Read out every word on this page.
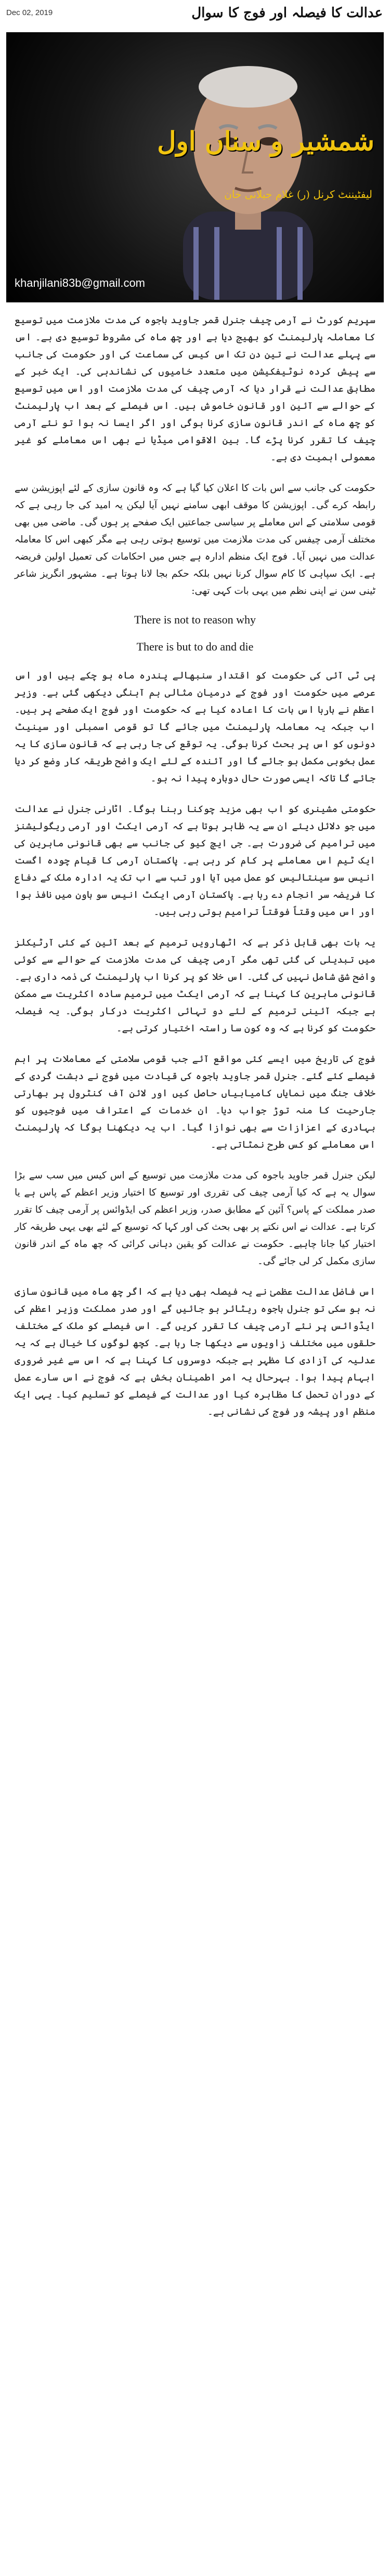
Dec 02, 2019	عدالت کا فیصلہ اور فوج کا سوال
شمشیر و سناں اول
لیفٹیننٹ کرنل (ر) غلام جیلانی خان
khanjilani83b@gmail.com

سپریم کورٹ نے آرمی چیف جنرل قمر جاوید باجوہ کی مدت ملازمت میں توسیع کا معاملہ پارلیمنٹ کو بھیج دیا ہے اور چھ ماہ کی مشروط توسیع دی ہے۔ اس سے پہلے عدالت نے تین دن تک اس کیس کی سماعت کی اور حکومت کی جانب سے پیش کردہ نوٹیفکیشن میں متعدد خامیوں کی نشاندہی کی۔ ایک خبر کے مطابق عدالت نے قرار دیا کہ آرمی چیف کی مدت ملازمت اور اس میں توسیع کے حوالے سے آئین اور قانون خاموش ہیں۔ اس فیصلے کے بعد اب پارلیمنٹ کو چھ ماہ کے اندر قانون سازی کرنا ہوگی اور اگر ایسا نہ ہوا تو نئے آرمی چیف کا تقرر کرنا پڑے گا۔ بین الاقوامی میڈیا نے بھی اس معاملے کو غیر معمولی اہمیت دی ہے۔

حکومت کی جانب سے اس بات کا اعلان کیا گیا ہے کہ وہ قانون سازی کے لئے اپوزیشن سے رابطہ کرے گی۔ اپوزیشن کا موقف ابھی سامنے نہیں آیا لیکن یہ امید کی جا رہی ہے کہ قومی سلامتی کے اس معاملے پر سیاسی جماعتیں ایک صفحے پر ہوں گی۔ ماضی میں بھی مختلف آرمی چیفس کی مدت ملازمت میں توسیع ہوتی رہی ہے مگر کبھی اس کا معاملہ عدالت میں نہیں آیا۔ فوج ایک منظم ادارہ ہے جس میں احکامات کی تعمیل اولین فریضہ ہے۔ ایک سپاہی کا کام سوال کرنا نہیں بلکہ حکم بجا لانا ہوتا ہے۔ مشہور انگریز شاعر ٹینی سن نے اپنی نظم میں یہی بات کہی تھی:

There is not to reason why
There is but to do and die

پی ٹی آئی کی حکومت کو اقتدار سنبھالے پندرہ ماہ ہو چکے ہیں اور اس عرصے میں حکومت اور فوج کے درمیان مثالی ہم آہنگی دیکھی گئی ہے۔ وزیر اعظم نے بارہا اس بات کا اعادہ کیا ہے کہ حکومت اور فوج ایک صفحے پر ہیں۔ اب جبکہ یہ معاملہ پارلیمنٹ میں جائے گا تو قومی اسمبلی اور سینیٹ دونوں کو اس پر بحث کرنا ہوگی۔ یہ توقع کی جا رہی ہے کہ قانون سازی کا یہ عمل بخوبی مکمل ہو جائے گا اور آئندہ کے لئے ایک واضح طریقہ کار وضع کر دیا جائے گا تاکہ ایسی صورت حال دوبارہ پیدا نہ ہو۔

حکومتی مشینری کو اب بھی مزید چوکنا رہنا ہوگا۔ اٹارنی جنرل نے عدالت میں جو دلائل دیئے ان سے یہ ظاہر ہوتا ہے کہ آرمی ایکٹ اور آرمی ریگولیشنز میں ترامیم کی ضرورت ہے۔ جی ایچ کیو کی جانب سے بھی قانونی ماہرین کی ایک ٹیم اس معاملے پر کام کر رہی ہے۔ پاکستان آرمی کا قیام چودہ اگست انیس سو سینتالیس کو عمل میں آیا اور تب سے اب تک یہ ادارہ ملک کے دفاع کا فریضہ سر انجام دے رہا ہے۔ پاکستان آرمی ایکٹ انیس سو باون میں نافذ ہوا اور اس میں وقتاً فوقتاً ترامیم ہوتی رہی ہیں۔

یہ بات بھی قابل ذکر ہے کہ اٹھارویں ترمیم کے بعد آئین کے کئی آرٹیکلز میں تبدیلی کی گئی تھی مگر آرمی چیف کی مدت ملازمت کے حوالے سے کوئی واضح شق شامل نہیں کی گئی۔ اس خلا کو پر کرنا اب پارلیمنٹ کی ذمہ داری ہے۔ قانونی ماہرین کا کہنا ہے کہ آرمی ایکٹ میں ترمیم سادہ اکثریت سے ممکن ہے جبکہ آئینی ترمیم کے لئے دو تہائی اکثریت درکار ہوگی۔ یہ فیصلہ حکومت کو کرنا ہے کہ وہ کون سا راستہ اختیار کرتی ہے۔

فوج کی تاریخ میں ایسے کئی مواقع آئے جب قومی سلامتی کے معاملات پر اہم فیصلے کئے گئے۔ جنرل قمر جاوید باجوہ کی قیادت میں فوج نے دہشت گردی کے خلاف جنگ میں نمایاں کامیابیاں حاصل کیں اور لائن آف کنٹرول پر بھارتی جارحیت کا منہ توڑ جواب دیا۔ ان خدمات کے اعتراف میں فوجیوں کو بہادری کے اعزازات سے بھی نوازا گیا۔ اب یہ دیکھنا ہوگا کہ پارلیمنٹ اس معاملے کو کس طرح نمٹاتی ہے۔

لیکن جنرل قمر جاوید باجوہ کی مدت ملازمت میں توسیع کے اس کیس میں سب سے بڑا سوال یہ ہے کہ کیا آرمی چیف کی تقرری اور توسیع کا اختیار وزیر اعظم کے پاس ہے یا صدر مملکت کے پاس؟ آئین کے مطابق صدر، وزیر اعظم کی ایڈوائس پر آرمی چیف کا تقرر کرتا ہے۔ عدالت نے اس نکتے پر بھی بحث کی اور کہا کہ توسیع کے لئے بھی یہی طریقہ کار اختیار کیا جانا چاہیے۔ حکومت نے عدالت کو یقین دہانی کرائی کہ چھ ماہ کے اندر قانون سازی مکمل کر لی جائے گی۔

اس فاضل عدالت عظمیٰ نے یہ فیصلہ بھی دیا ہے کہ اگر چھ ماہ میں قانون سازی نہ ہو سکی تو جنرل باجوہ ریٹائر ہو جائیں گے اور صدر مملکت وزیر اعظم کی ایڈوائس پر نئے آرمی چیف کا تقرر کریں گے۔ اس فیصلے کو ملک کے مختلف حلقوں میں مختلف زاویوں سے دیکھا جا رہا ہے۔ کچھ لوگوں کا خیال ہے کہ یہ عدلیہ کی آزادی کا مظہر ہے جبکہ دوسروں کا کہنا ہے کہ اس سے غیر ضروری ابہام پیدا ہوا۔ بہرحال یہ امر اطمینان بخش ہے کہ فوج نے اس سارے عمل کے دوران تحمل کا مظاہرہ کیا اور عدالت کے فیصلے کو تسلیم کیا۔ یہی ایک منظم اور پیشہ ور فوج کی نشانی ہے۔
